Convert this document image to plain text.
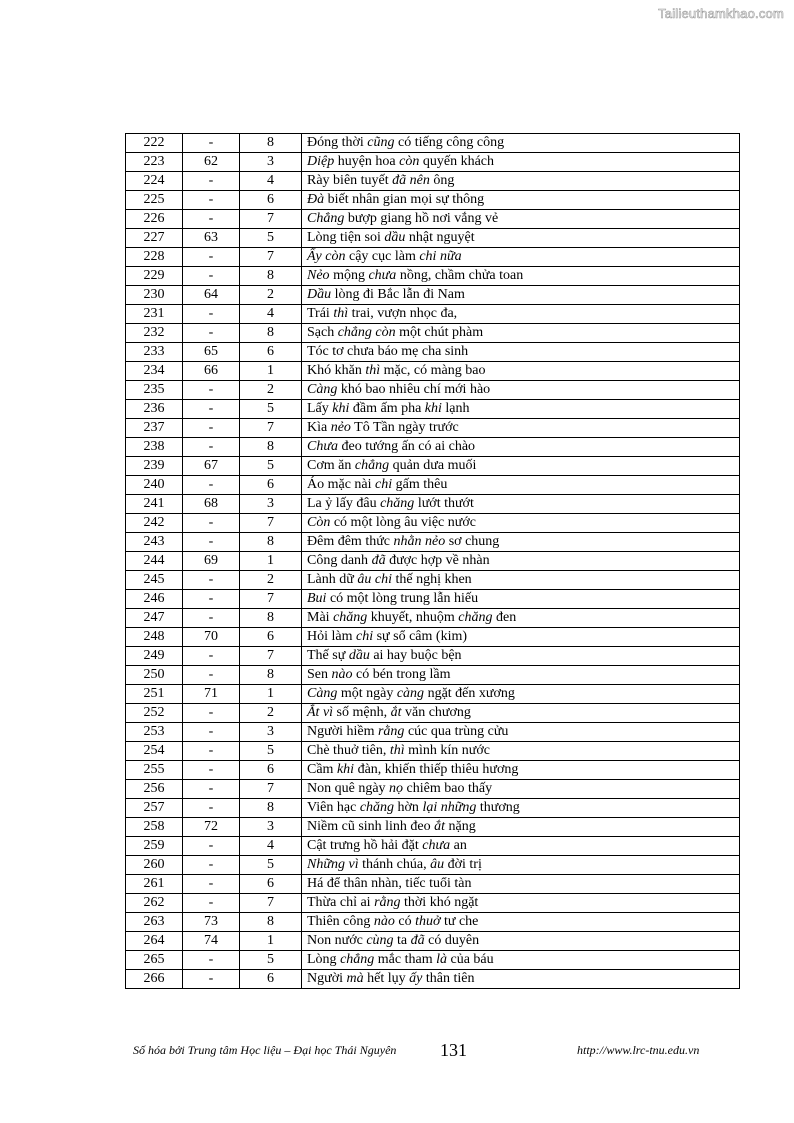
Tailieuthamkhao.com
222	-	8	Đóng thời cũng có tiếng công công
223	62	3	Diệp huyện hoa còn quyến khách
224	-	4	Rày biên tuyết đã nên ông
225	-	6	Đà biết nhân gian mọi sự thông
226	-	7	Chẳng bượp giang hồ nơi vắng vẻ
227	63	5	Lòng tiện soi dầu nhật nguyệt
228	-	7	Ấy còn cậy cục làm chi nữa
229	-	8	Nẻo mộng chưa nồng, chầm chửa toan
230	64	2	Dầu lòng đi Bắc lẫn đi Nam
231	-	4	Trái thì trai, vượn nhọc đa,
232	-	8	Sạch chẳng còn một chút phàm
233	65	6	Tóc tơ chưa báo mẹ cha sinh
234	66	1	Khó khăn thì mặc, có màng bao
235	-	2	Càng khó bao nhiêu chí mới hào
236	-	5	Lấy khi đầm ấm pha khi lạnh
237	-	7	Kìa nẻo Tô Tần ngày trước
238	-	8	Chưa đeo tướng ấn có ai chào
239	67	5	Cơm ăn chẳng quản dưa muối
240	-	6	Áo mặc nài chi gấm thêu
241	68	3	La ỷ lấy đâu chăng lướt thướt
242	-	7	Còn có một lòng âu việc nước
243	-	8	Đêm đêm thức nhằn nẻo sơ chung
244	69	1	Công danh đã được hợp về nhàn
245	-	2	Lành dữ âu chi thế nghị khen
246	-	7	Bui có một lòng trung lẫn hiếu
247	-	8	Mài chăng khuyết, nhuộm chăng đen
248	70	6	Hỏi làm chi sự sổ câm (kim)
249	-	7	Thế sự dầu ai hay buộc bện
250	-	8	Sen nào có bén trong lầm
251	71	1	Càng một ngày càng ngặt đến xương
252	-	2	Ắt vì số mệnh, ắt văn chương
253	-	3	Người hiềm rằng cúc qua trùng cửu
254	-	5	Chè thuở tiên, thì mình kín nước
255	-	6	Cầm khi đàn, khiến thiếp thiêu hương
256	-	7	Non quê ngày nọ chiêm bao thấy
257	-	8	Viên hạc chăng hờn lại những thương
258	72	3	Niềm cũ sinh linh đeo ắt nặng
259	-	4	Cật trưng hồ hải đặt chưa an
260	-	5	Những vì thánh chúa, âu đời trị
261	-	6	Há để thân nhàn, tiếc tuổi tàn
262	-	7	Thừa chỉ ai rằng thời khó ngặt
263	73	8	Thiên công nào có thuở tư che
264	74	1	Non nước cùng ta đã có duyên
265	-	5	Lòng chẳng mắc tham là của báu
266	-	6	Người mà hết lụy ấy thân tiên
Số hóa bởi Trung tâm Học liệu – Đại học Thái Nguyên 131	http://www.lrc-tnu.edu.vn
